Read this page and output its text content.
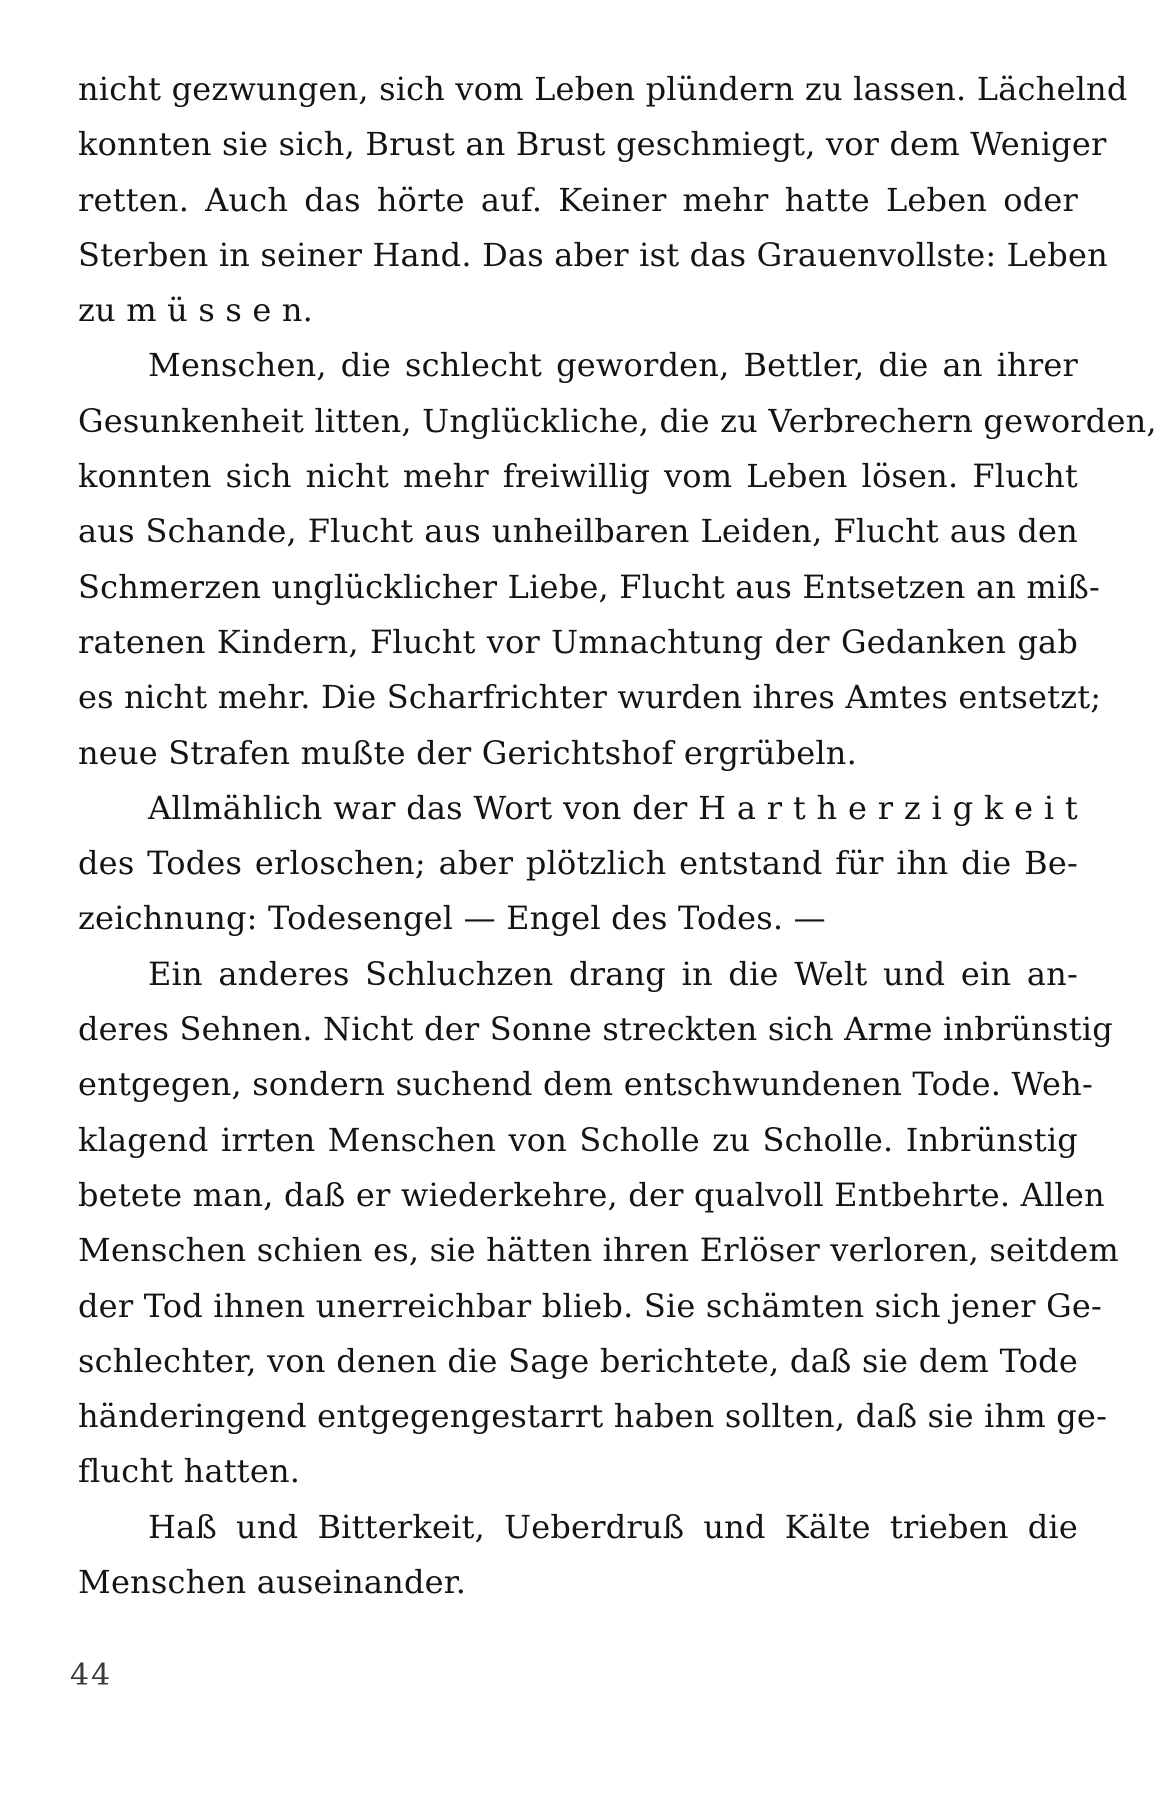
nicht gezwungen, sich vom Leben plündern zu lassen. Lächelnd
konnten sie sich, Brust an Brust geschmiegt, vor dem Weniger
retten. Auch das hörte auf. Keiner mehr hatte Leben oder
Sterben in seiner Hand. Das aber ist das Grauenvollste: Leben
zu m ü s s e n.
Menschen, die schlecht geworden, Bettler, die an ihrer
Gesunkenheit litten, Unglückliche, die zu Verbrechern geworden,
konnten sich nicht mehr freiwillig vom Leben lösen. Flucht
aus Schande, Flucht aus unheilbaren Leiden, Flucht aus den
Schmerzen unglücklicher Liebe, Flucht aus Entsetzen an miß-
ratenen Kindern, Flucht vor Umnachtung der Gedanken gab
es nicht mehr. Die Scharfrichter wurden ihres Amtes entsetzt;
neue Strafen mußte der Gerichtshof ergrübeln.
Allmählich war das Wort von der H a r t h e r z i g k e i t
des Todes erloschen; aber plötzlich entstand für ihn die Be-
zeichnung: Todesengel — Engel des Todes. —
Ein anderes Schluchzen drang in die Welt und ein an-
deres Sehnen. Nicht der Sonne streckten sich Arme inbrünstig
entgegen, sondern suchend dem entschwundenen Tode. Weh-
klagend irrten Menschen von Scholle zu Scholle. Inbrünstig
betete man, daß er wiederkehre, der qualvoll Entbehrte. Allen
Menschen schien es, sie hätten ihren Erlöser verloren, seitdem
der Tod ihnen unerreichbar blieb. Sie schämten sich jener Ge-
schlechter, von denen die Sage berichtete, daß sie dem Tode
händeringend entgegengestarrt haben sollten, daß sie ihm ge-
flucht hatten.
Haß und Bitterkeit, Ueberdruß und Kälte trieben die
Menschen auseinander.
44
